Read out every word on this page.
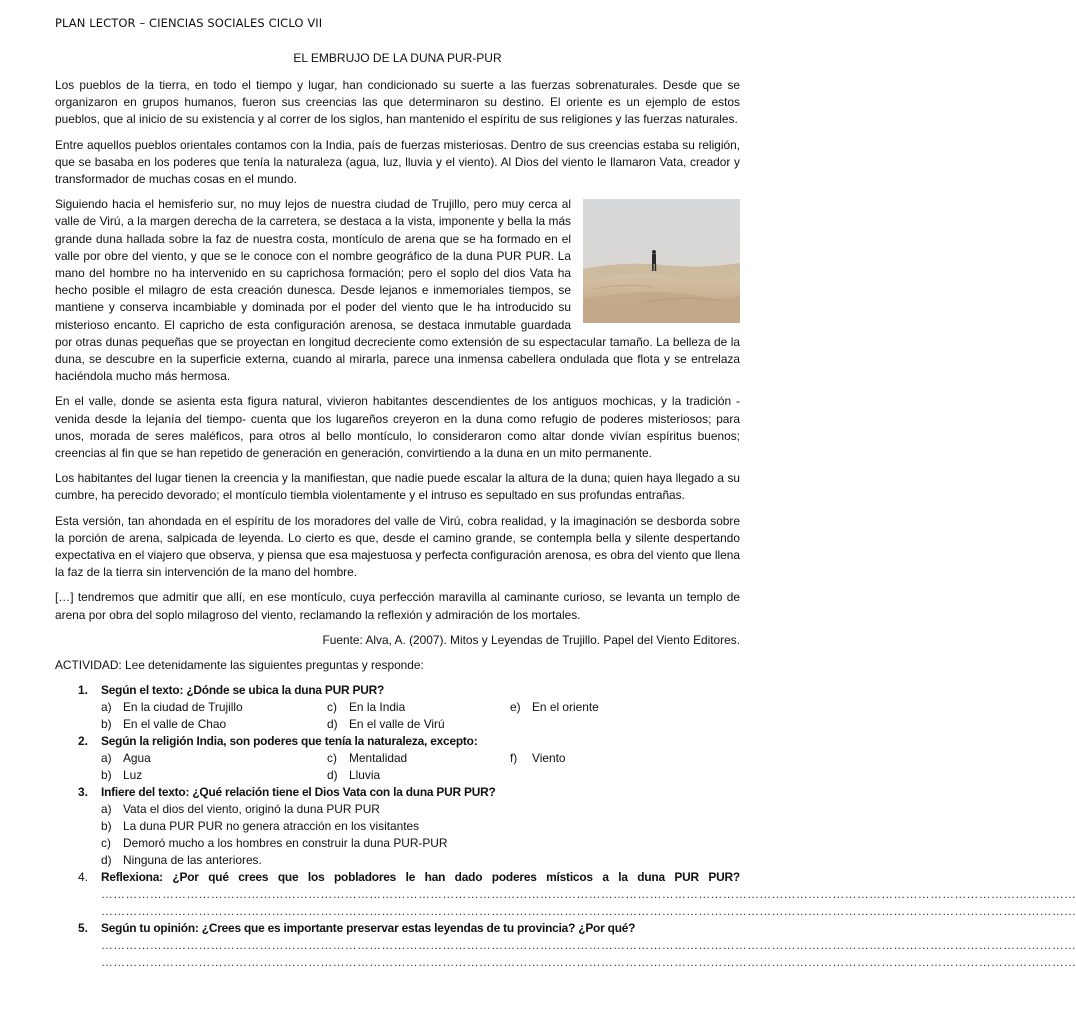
PLAN LECTOR – CIENCIAS SOCIALES CICLO VII
EL EMBRUJO DE LA DUNA PUR-PUR

Los pueblos de la tierra, en todo el tiempo y lugar, han condicionado su suerte a las fuerzas sobrenaturales. Desde que se organizaron en grupos humanos, fueron sus creencias las que determinaron su destino. El oriente es un ejemplo de estos pueblos, que al inicio de su existencia y al correr de los siglos, han mantenido el espíritu de sus religiones y las fuerzas naturales.

Entre aquellos pueblos orientales contamos con la India, país de fuerzas misteriosas. Dentro de sus creencias estaba su religión, que se basaba en los poderes que tenía la naturaleza (agua, luz, lluvia y el viento). Al Dios del viento le llamaron Vata, creador y transformador de muchas cosas en el mundo.

Siguiendo hacia el hemisferio sur, no muy lejos de nuestra ciudad de Trujillo, pero muy cerca al valle de Virú, a la margen derecha de la carretera, se destaca a la vista, imponente y bella la más grande duna hallada sobre la faz de nuestra costa, montículo de arena que se ha formado en el valle por obre del viento, y que se le conoce con el nombre geográfico de la duna PUR PUR. La mano del hombre no ha intervenido en su caprichosa formación; pero el soplo del dios Vata ha hecho posible el milagro de esta creación dunesca. Desde lejanos e inmemoriales tiempos, se mantiene y conserva incambiable y dominada por el poder del viento que le ha introducido su misterioso encanto. El capricho de esta configuración arenosa, se destaca inmutable guardada por otras dunas pequeñas que se proyectan en longitud decreciente como extensión de su espectacular tamaño. La belleza de la duna, se descubre en la superficie externa, cuando al mirarla, parece una inmensa cabellera ondulada que flota y se entrelaza haciéndola mucho más hermosa.

En el valle, donde se asienta esta figura natural, vivieron habitantes descendientes de los antiguos mochicas, y la tradición -venida desde la lejanía del tiempo- cuenta que los lugareños creyeron en la duna como refugio de poderes misteriosos; para unos, morada de seres maléficos, para otros al bello montículo, lo consideraron como altar donde vivían espíritus buenos; creencias al fin que se han repetido de generación en generación, convirtiendo a la duna en un mito permanente.

Los habitantes del lugar tienen la creencia y la manifiestan, que nadie puede escalar la altura de la duna; quien haya llegado a su cumbre, ha perecido devorado; el montículo tiembla violentamente y el intruso es sepultado en sus profundas entrañas.

Esta versión, tan ahondada en el espíritu de los moradores del valle de Virú, cobra realidad, y la imaginación se desborda sobre la porción de arena, salpicada de leyenda. Lo cierto es que, desde el camino grande, se contempla bella y silente despertando expectativa en el viajero que observa, y piensa que esa majestuosa y perfecta configuración arenosa, es obra del viento que llena la faz de la tierra sin intervención de la mano del hombre.

[…] tendremos que admitir que allí, en ese montículo, cuya perfección maravilla al caminante curioso, se levanta un templo de arena por obra del soplo milagroso del viento, reclamando la reflexión y admiración de los mortales.

Fuente: Alva, A. (2007). Mitos y Leyendas de Trujillo. Papel del Viento Editores.

ACTIVIDAD: Lee detenidamente las siguientes preguntas y responde:

1. Según el texto: ¿Dónde se ubica la duna PUR PUR?
a) En la ciudad de Trujillo	c)	En la India	e) En el oriente
b) En el valle de Chao	d) En el valle de Virú
2. Según la religión India, son poderes que tenía la naturaleza, excepto:
a) Agua	c)	Mentalidad	f)	Viento
b) Luz	d) Lluvia
3. Infiere del texto: ¿Qué relación tiene el Dios Vata con la duna PUR PUR?
a) Vata el dios del viento, originó la duna PUR PUR
b) La duna PUR PUR no genera atracción en los visitantes
c)	Demoró mucho a los hombres en construir la duna PUR-PUR
d) Ninguna de las anteriores.
4. Reflexiona: ¿Por qué crees que los pobladores le han dado poderes místicos a la duna PUR PUR?
……………………………………………………………………………………………………………………………………………………………………………………………………………………
……………………………………………………………………………………………………………………………………………………………………………………………………………………
5. Según tu opinión: ¿Crees que es importante preservar estas leyendas de tu provincia? ¿Por qué?
……………………………………………………………………………………………………………………………………………………………………………………………………………………
……………………………………………………………………………………………………………………………………………………………………………………………………………………
